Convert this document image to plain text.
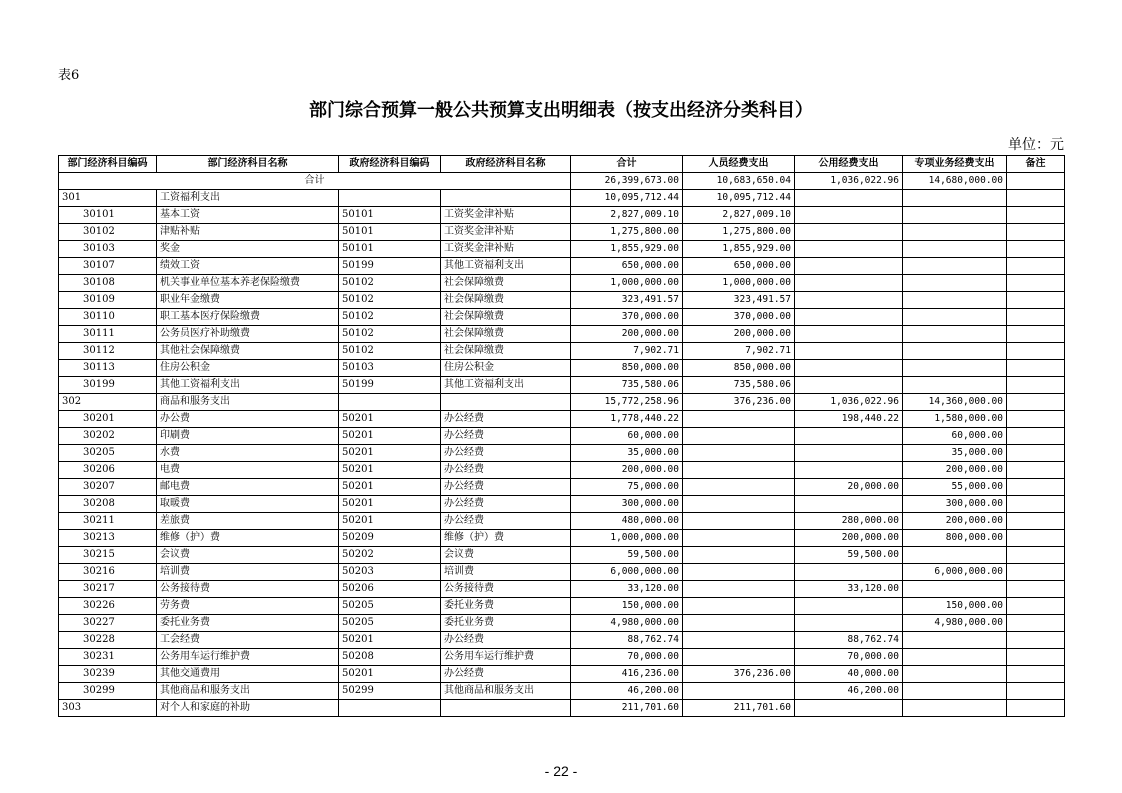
表6
部门综合预算一般公共预算支出明细表（按支出经济分类科目）
单位：元
部门经济科目编码	部门经济科目名称	政府经济科目编码	政府经济科目名称	合计	人员经费支出	公用经费支出	专项业务经费支出	备注
合计				26,399,673.00	10,683,650.04	1,036,022.96	14,680,000.00	
301	工资福利支出			10,095,712.44	10,095,712.44			
30101	基本工资	50101	工资奖金津补贴	2,827,009.10	2,827,009.10			
30102	津贴补贴	50101	工资奖金津补贴	1,275,800.00	1,275,800.00			
30103	奖金	50101	工资奖金津补贴	1,855,929.00	1,855,929.00			
30107	绩效工资	50199	其他工资福利支出	650,000.00	650,000.00			
30108	机关事业单位基本养老保险缴费	50102	社会保障缴费	1,000,000.00	1,000,000.00			
30109	职业年金缴费	50102	社会保障缴费	323,491.57	323,491.57			
30110	职工基本医疗保险缴费	50102	社会保障缴费	370,000.00	370,000.00			
30111	公务员医疗补助缴费	50102	社会保障缴费	200,000.00	200,000.00			
30112	其他社会保障缴费	50102	社会保障缴费	7,902.71	7,902.71			
30113	住房公积金	50103	住房公积金	850,000.00	850,000.00			
30199	其他工资福利支出	50199	其他工资福利支出	735,580.06	735,580.06			
302	商品和服务支出			15,772,258.96	376,236.00	1,036,022.96	14,360,000.00	
30201	办公费	50201	办公经费	1,778,440.22		198,440.22	1,580,000.00	
30202	印刷费	50201	办公经费	60,000.00			60,000.00	
30205	水费	50201	办公经费	35,000.00			35,000.00	
30206	电费	50201	办公经费	200,000.00			200,000.00	
30207	邮电费	50201	办公经费	75,000.00		20,000.00	55,000.00	
30208	取暖费	50201	办公经费	300,000.00			300,000.00	
30211	差旅费	50201	办公经费	480,000.00		280,000.00	200,000.00	
30213	维修（护）费	50209	维修（护）费	1,000,000.00		200,000.00	800,000.00	
30215	会议费	50202	会议费	59,500.00		59,500.00		
30216	培训费	50203	培训费	6,000,000.00			6,000,000.00	
30217	公务接待费	50206	公务接待费	33,120.00		33,120.00		
30226	劳务费	50205	委托业务费	150,000.00			150,000.00	
30227	委托业务费	50205	委托业务费	4,980,000.00			4,980,000.00	
30228	工会经费	50201	办公经费	88,762.74		88,762.74		
30231	公务用车运行维护费	50208	公务用车运行维护费	70,000.00		70,000.00		
30239	其他交通费用	50201	办公经费	416,236.00	376,236.00	40,000.00		
30299	其他商品和服务支出	50299	其他商品和服务支出	46,200.00		46,200.00		
303	对个人和家庭的补助			211,701.60	211,701.60			
- 22 -
